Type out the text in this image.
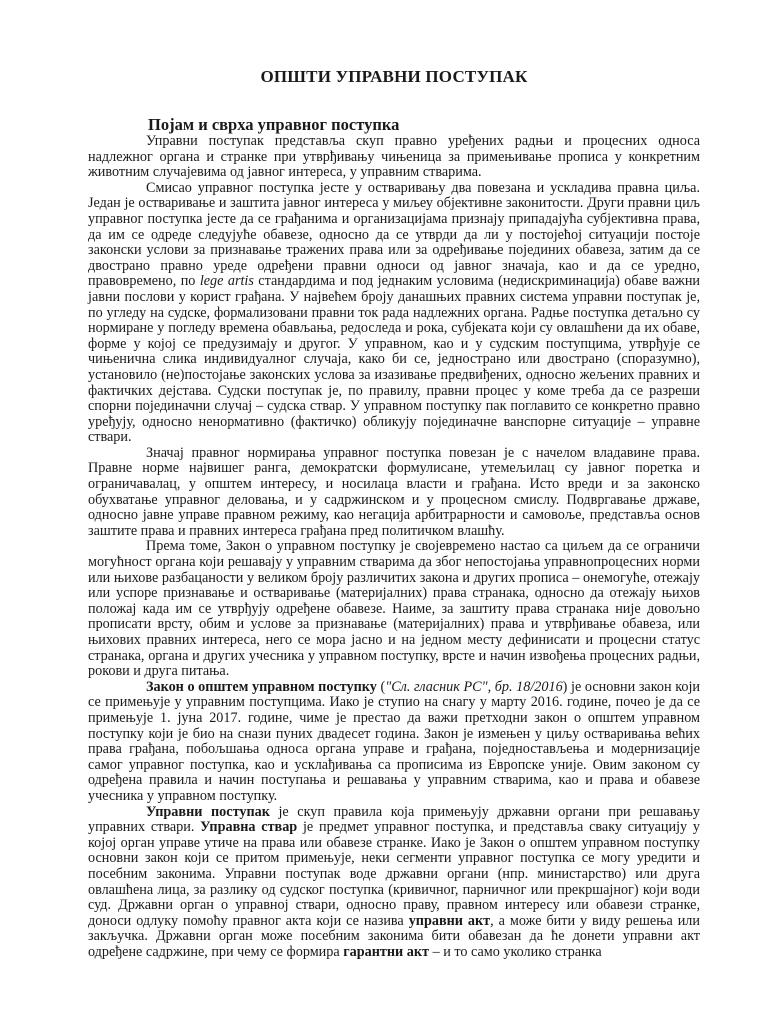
ОПШТИ УПРАВНИ ПОСТУПАК
Појам и сврха управног поступка

Управни поступак представља скуп правно уређених радњи и процесних односа надлежног органа и странке при утврђивању чињеница за примењивање прописа у конкретним животним случајевима од јавног интереса, у управним стварима.

Смисао управног поступка јесте у остваривању два повезана и ускладива правна циља. Један је остваривање и заштита јавног интереса у миљеу објективне законитости. Други правни циљ управног поступка јесте да се грађанима и организацијама признају припадајућа субјективна права, да им се одреде следујуће обавезе, односно да се утврди да ли у постојећој ситуацији постоје законски услови за признавање тражених права или за одређивање појединих обавеза, затим да се двострано правно уреде одређени правни односи од јавног значаја, као и да се уредно, правовремено, по lege artis стандардима и под једнаким условима (недискриминација) обаве важни јавни послови у корист грађана. У највећем броју данашњих правних система управни поступак је, по угледу на судске, формализовани правни ток рада надлежних органа. Радње поступка детаљно су нормиране у погледу времена обављања, редоследа и рока, субјеката који су овлашћени да их обаве, форме у којој се предузимају и другог. У управном, као и у судским поступцима, утврђује се чињенична слика индивидуалног случаја, како би се, једнострано или двострано (споразумно), установило (не)постојање законских услова за изазивање предвиђених, односно жељених правних и фактичких дејстава. Судски поступак је, по правилу, правни процес у коме треба да се разреши спорни појединачни случај – судска ствар. У управном поступку пак поглавито се конкретно правно уређују, односно ненормативно (фактичко) обликују појединачне ванспорне ситуације – управне ствари.

Значај правног нормирања управног поступка повезан је с начелом владавине права. Правне норме највишег ранга, демократски формулисане, утемељилац су јавног поретка и ограничавалац, у општем интересу, и носилаца власти и грађана. Исто вреди и за законско обухватање управног деловања, и у садржинском и у процесном смислу. Подвргавање државе, односно јавне управе правном режиму, као негација арбитрарности и самовоље, представља основ заштите права и правних интереса грађана пред политичком влашћу.

Према томе, Закон о управном поступку је својевремено настао са циљем да се ограничи могућност органа који решавају у управним стварима да због непостојања управнопроцесних норми или њихове разбацаности у великом броју различитих закона и других прописа – онемогуће, отежају или успоре признавање и остваривање (материјалних) права странака, односно да отежају њихов положај када им се утврђују одређене обавезе. Наиме, за заштиту права странака није довољно прописати врсту, обим и услове за признавање (материјалних) права и утврђивање обавеза, или њихових правних интереса, него се мора јасно и на једном месту дефинисати и процесни статус странака, органа и других учесника у управном поступку, врсте и начин извођења процесних радњи, рокови и друга питања.

Закон о општем управном поступку ("Сл. гласник РС", бр. 18/2016) је основни закон који се примењује у управним поступцима. Иако је ступио на снагу у марту 2016. године, почео је да се примењује 1. јуна 2017. године, чиме је престао да важи претходни закон о општем управном поступку који је био на снази пуних двадесет година. Закон је измењен у циљу остваривања већих права грађана, побољшања односа органа управе и грађана, поједностављења и модернизације самог управног поступка, као и усклађивања са прописима из Европске уније. Овим законом су одређена правила и начин поступања и решавања у управним стварима, као и права и обавезе учесника у управном поступку.

Управни поступак је скуп правила која примењују државни органи при решавању управних ствари. Управна ствар је предмет управног поступка, и представља сваку ситуацију у којој орган управе утиче на права или обавезе странке. Иако је Закон о општем управном поступку основни закон који се притом примењује, неки сегменти управног поступка се могу уредити и посебним законима. Управни поступак воде државни органи (нпр. министарство) или друга овлашћена лица, за разлику од судског поступка (кривичног, парничног или прекршајног) који води суд. Државни орган о управној ствари, односно праву, правном интересу или обавези странке, доноси одлуку помоћу правног акта који се назива управни акт, а може бити у виду решења или закључка. Државни орган може посебним законима бити обавезан да ће донети управни акт одређене садржине, при чему се формира гарантни акт – и то само уколико странка
